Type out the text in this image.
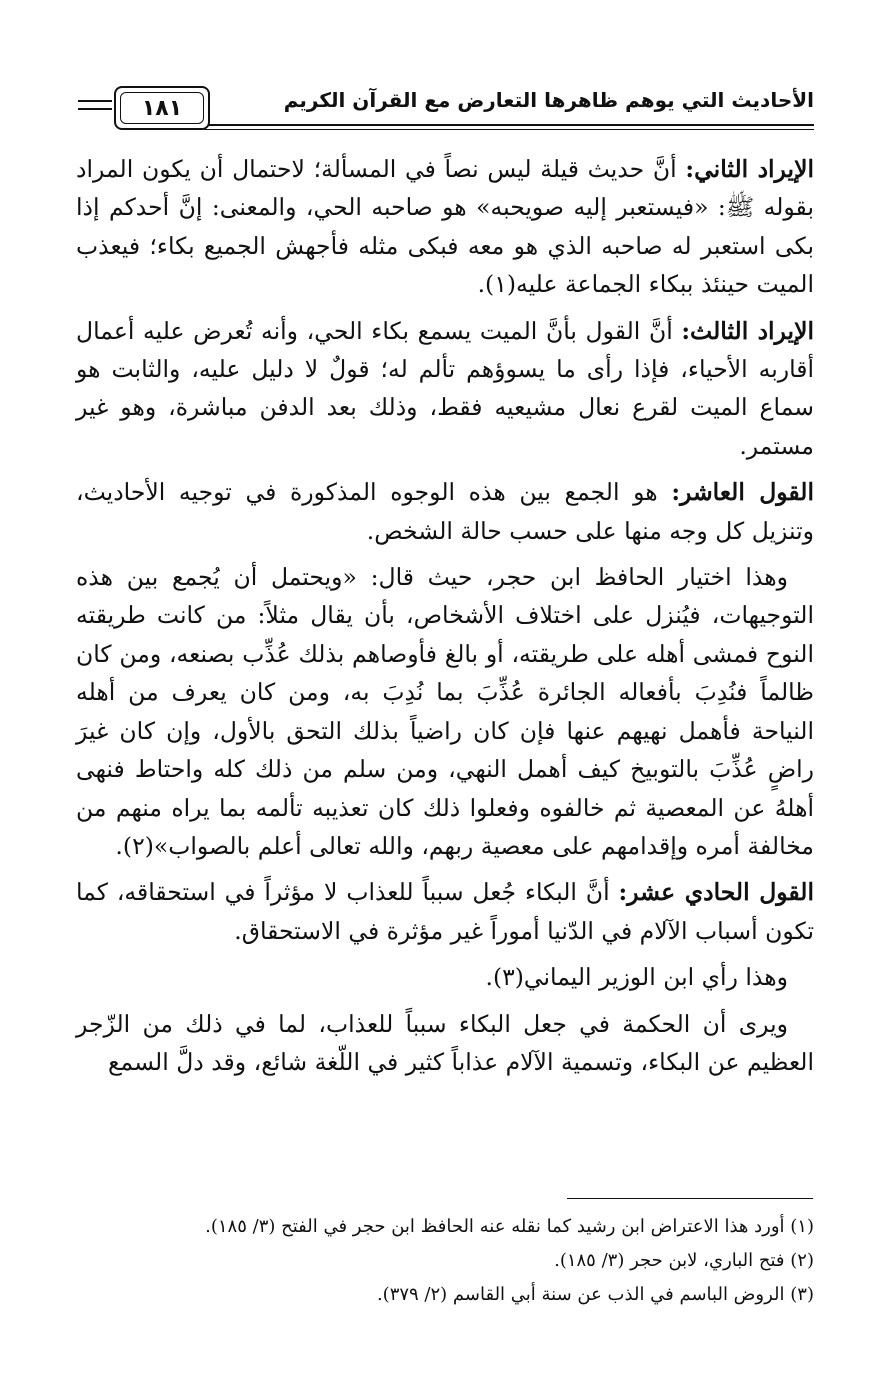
الأحاديث التي يوهم ظاهرها التعارض مع القرآن الكريم
١٨١

الإيراد الثاني: أنَّ حديث قيلة ليس نصاً في المسألة؛ لاحتمال أن يكون المراد بقوله ﷺ: «فيستعبر إليه صويحبه» هو صاحبه الحي، والمعنى: إنَّ أحدكم إذا بكى استعبر له صاحبه الذي هو معه فبكى مثله فأجهش الجميع بكاء؛ فيعذب الميت حينئذ ببكاء الجماعة عليه(١).

الإيراد الثالث: أنَّ القول بأنَّ الميت يسمع بكاء الحي، وأنه تُعرض عليه أعمال أقاربه الأحياء، فإذا رأى ما يسوؤهم تألم له؛ قولٌ لا دليل عليه، والثابت هو سماع الميت لقرع نعال مشيعيه فقط، وذلك بعد الدفن مباشرة، وهو غير مستمر.

القول العاشر: هو الجمع بين هذه الوجوه المذكورة في توجيه الأحاديث، وتنزيل كل وجه منها على حسب حالة الشخص.

وهذا اختيار الحافظ ابن حجر، حيث قال: «ويحتمل أن يُجمع بين هذه التوجيهات، فيُنزل على اختلاف الأشخاص، بأن يقال مثلاً: من كانت طريقته النوح فمشى أهله على طريقته، أو بالغ فأوصاهم بذلك عُذِّب بصنعه، ومن كان ظالماً فنُدِبَ بأفعاله الجائرة عُذِّبَ بما نُدِبَ به، ومن كان يعرف من أهله النياحة فأهمل نهيهم عنها فإن كان راضياً بذلك التحق بالأول، وإن كان غيرَ راضٍ عُذِّبَ بالتوبيخ كيف أهمل النهي، ومن سلم من ذلك كله واحتاط فنهى أهلهُ عن المعصية ثم خالفوه وفعلوا ذلك كان تعذيبه تألمه بما يراه منهم من مخالفة أمره وإقدامهم على معصية ربهم، والله تعالى أعلم بالصواب»(٢).

القول الحادي عشر: أنَّ البكاء جُعل سبباً للعذاب لا مؤثراً في استحقاقه، كما تكون أسباب الآلام في الدّنيا أموراً غير مؤثرة في الاستحقاق.

وهذا رأي ابن الوزير اليماني(٣).

ويرى أن الحكمة في جعل البكاء سبباً للعذاب، لما في ذلك من الزّجر العظيم عن البكاء، وتسمية الآلام عذاباً كثير في اللّغة شائع، وقد دلَّ السمع

(١) أورد هذا الاعتراض ابن رشيد كما نقله عنه الحافظ ابن حجر في الفتح (٣/ ١٨٥).
(٢) فتح الباري، لابن حجر (٣/ ١٨٥).
(٣) الروض الباسم في الذب عن سنة أبي القاسم (٢/ ٣٧٩).
